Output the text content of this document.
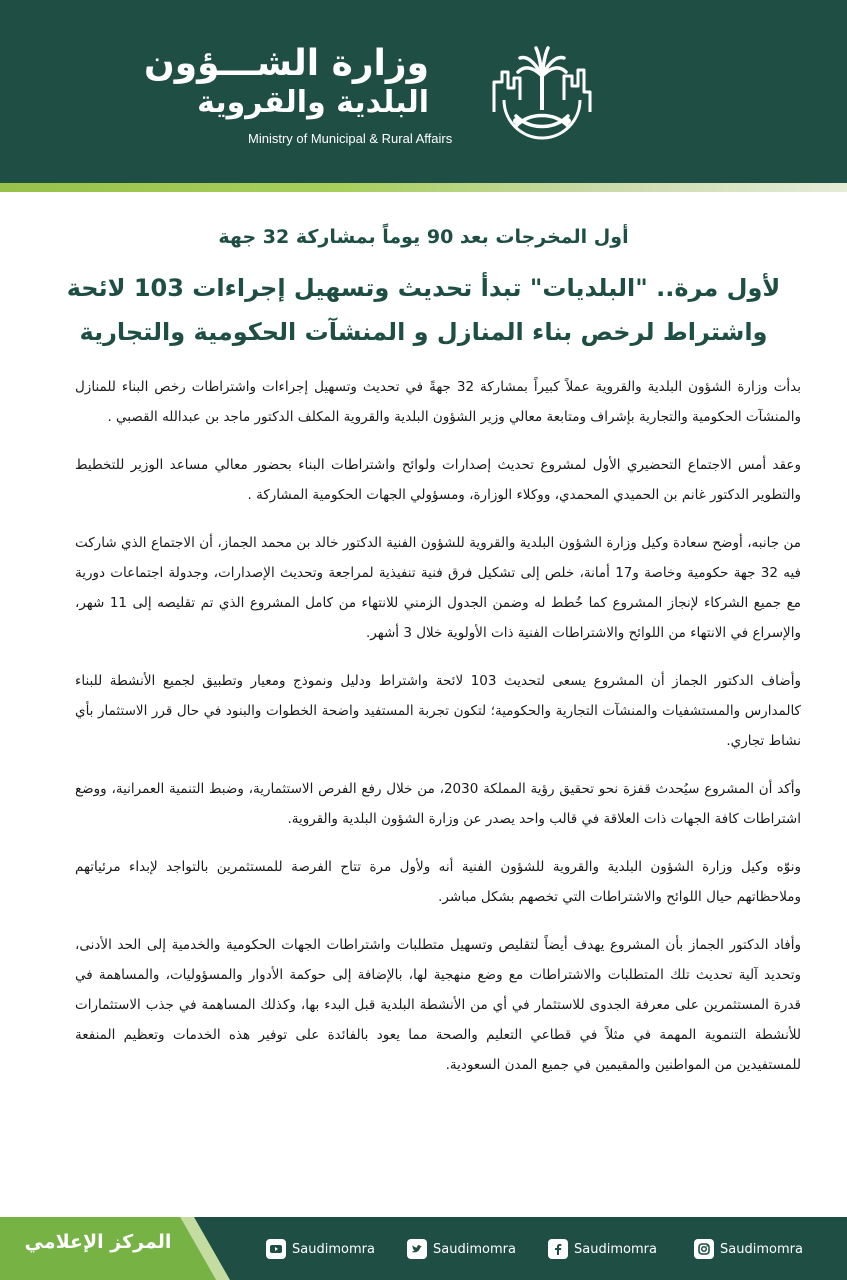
وزارة الشـــؤون
البلدية والقروية
Ministry of Municipal & Rural Affairs
أول المخرجات بعد 90 يوماً بمشاركة 32 جهة
لأول مرة.. "البلديات" تبدأ تحديث وتسهيل إجراءات 103 لائحة واشتراط لرخص بناء المنازل و المنشآت الحكومية والتجارية

بدأت وزارة الشؤون البلدية والقروية عملاً كبيراً بمشاركة 32 جهةً في تحديث وتسهيل إجراءات واشتراطات رخص البناء للمنازل والمنشآت الحكومية والتجارية بإشراف ومتابعة معالي وزير الشؤون البلدية والقروية المكلف الدكتور ماجد بن عبدالله القصبي .

وعقد أمس الاجتماع التحضيري الأول لمشروع تحديث إصدارات ولوائح واشتراطات البناء بحضور معالي مساعد الوزير للتخطيط والتطوير الدكتور غانم بن الحميدي المحمدي، ووكلاء الوزارة، ومسؤولي الجهات الحكومية المشاركة .

من جانبه، أوضح سعادة وكيل وزارة الشؤون البلدية والقروية للشؤون الفنية الدكتور خالد بن محمد الجماز، أن الاجتماع الذي شاركت فيه 32 جهة حكومية وخاصة و17 أمانة، خلص إلى تشكيل فرق فنية تنفيذية لمراجعة وتحديث الإصدارات، وجدولة اجتماعات دورية مع جميع الشركاء لإنجاز المشروع كما خُطط له وضمن الجدول الزمني للانتهاء من كامل المشروع الذي تم تقليصه إلى 11 شهر، والإسراع في الانتهاء من اللوائح والاشتراطات الفنية ذات الأولوية خلال 3 أشهر.

وأضاف الدكتور الجماز أن المشروع يسعى لتحديث 103 لائحة واشتراط ودليل ونموذج ومعيار وتطبيق لجميع الأنشطة للبناء كالمدارس والمستشفيات والمنشآت التجارية والحكومية؛ لتكون تجربة المستفيد واضحة الخطوات والبنود في حال قرر الاستثمار بأي نشاط تجاري.

وأكد أن المشروع سيُحدث قفزة نحو تحقيق رؤية المملكة 2030، من خلال رفع الفرص الاستثمارية، وضبط التنمية العمرانية، ووضع اشتراطات كافة الجهات ذات العلاقة في قالب واحد يصدر عن وزارة الشؤون البلدية والقروية.

ونوّه وكيل وزارة الشؤون البلدية والقروية للشؤون الفنية أنه ولأول مرة تتاح الفرصة للمستثمرين بالتواجد لإبداء مرئياتهم وملاحظاتهم حيال اللوائح والاشتراطات التي تخصهم بشكل مباشر.

وأفاد الدكتور الجماز بأن المشروع يهدف أيضاً لتقليص وتسهيل متطلبات واشتراطات الجهات الحكومية والخدمية إلى الحد الأدنى، وتحديد آلية تحديث تلك المتطلبات والاشتراطات مع وضع منهجية لها، بالإضافة إلى حوكمة الأدوار والمسؤوليات، والمساهمة في قدرة المستثمرين على معرفة الجدوى للاستثمار في أي من الأنشطة البلدية قبل البدء بها، وكذلك المساهمة في جذب الاستثمارات للأنشطة التنموية المهمة في مثلاً في قطاعي التعليم والصحة مما يعود بالفائدة على توفير هذه الخدمات وتعظيم المنفعة للمستفيدين من المواطنين والمقيمين في جميع المدن السعودية.

المركز الإعلامي	Saudimomra	Saudimomra	Saudimomra	Saudimomra
